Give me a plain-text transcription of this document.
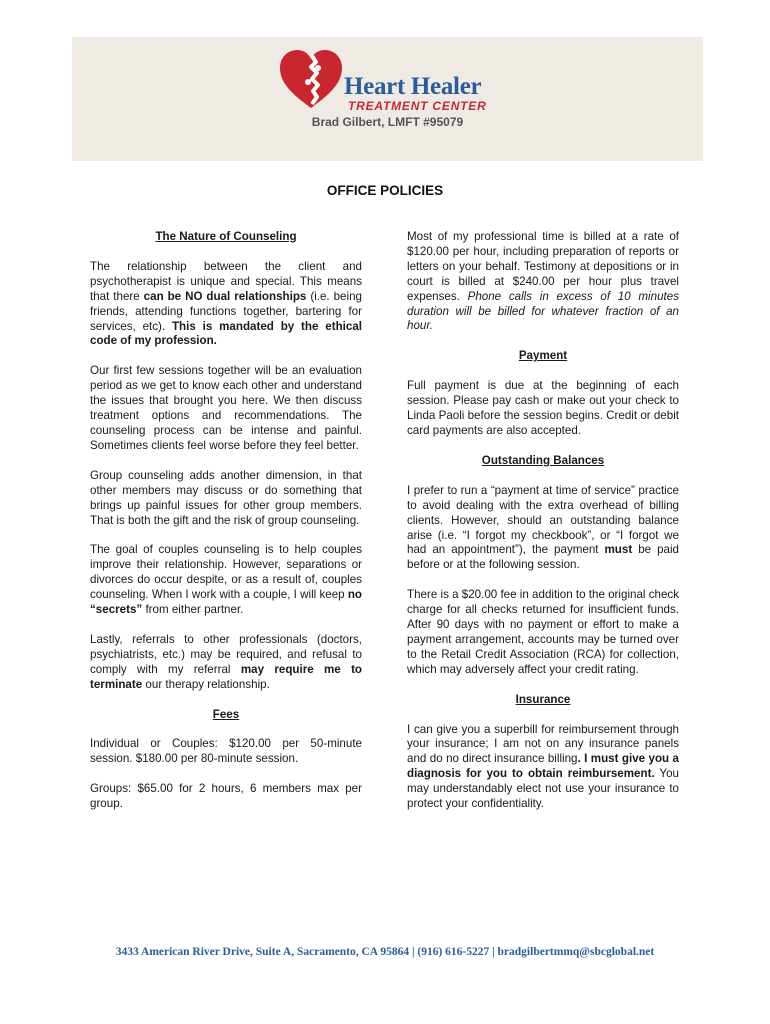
Heart Healer
TREATMENT CENTER
Brad Gilbert, LMFT #95079
OFFICE POLICIES
The Nature of Counseling

The relationship between the client and psychotherapist is unique and special. This means that there can be NO dual relationships (i.e. being friends, attending functions together, bartering for services, etc). This is mandated by the ethical code of my profession.

Our first few sessions together will be an evaluation period as we get to know each other and understand the issues that brought you here. We then discuss treatment options and recommendations. The counseling process can be intense and painful. Sometimes clients feel worse before they feel better.

Group counseling adds another dimension, in that other members may discuss or do something that brings up painful issues for other group members. That is both the gift and the risk of group counseling.

The goal of couples counseling is to help couples improve their relationship. However, separations or divorces do occur despite, or as a result of, couples counseling. When I work with a couple, I will keep no “secrets” from either partner.

Lastly, referrals to other professionals (doctors, psychiatrists, etc.) may be required, and refusal to comply with my referral may require me to terminate our therapy relationship.

Fees

Individual or Couples: $120.00 per 50-minute session. $180.00 per 80-minute session.

Groups: $65.00 for 2 hours, 6 members max per group.

Most of my professional time is billed at a rate of $120.00 per hour, including preparation of reports or letters on your behalf. Testimony at depositions or in court is billed at $240.00 per hour plus travel expenses. Phone calls in excess of 10 minutes duration will be billed for whatever fraction of an hour.

Payment

Full payment is due at the beginning of each session. Please pay cash or make out your check to Linda Paoli before the session begins. Credit or debit card payments are also accepted.

Outstanding Balances

I prefer to run a “payment at time of service” practice to avoid dealing with the extra overhead of billing clients. However, should an outstanding balance arise (i.e. “I forgot my checkbook”, or “I forgot we had an appointment”), the payment must be paid before or at the following session.

There is a $20.00 fee in addition to the original check charge for all checks returned for insufficient funds. After 90 days with no payment or effort to make a payment arrangement, accounts may be turned over to the Retail Credit Association (RCA) for collection, which may adversely affect your credit rating.

Insurance

I can give you a superbill for reimbursement through your insurance; I am not on any insurance panels and do no direct insurance billing. I must give you a diagnosis for you to obtain reimbursement. You may understandably elect not use your insurance to protect your confidentiality.

3433 American River Drive, Suite A, Sacramento, CA 95864 | (916) 616-5227 | bradgilbertmmq@sbcglobal.net
